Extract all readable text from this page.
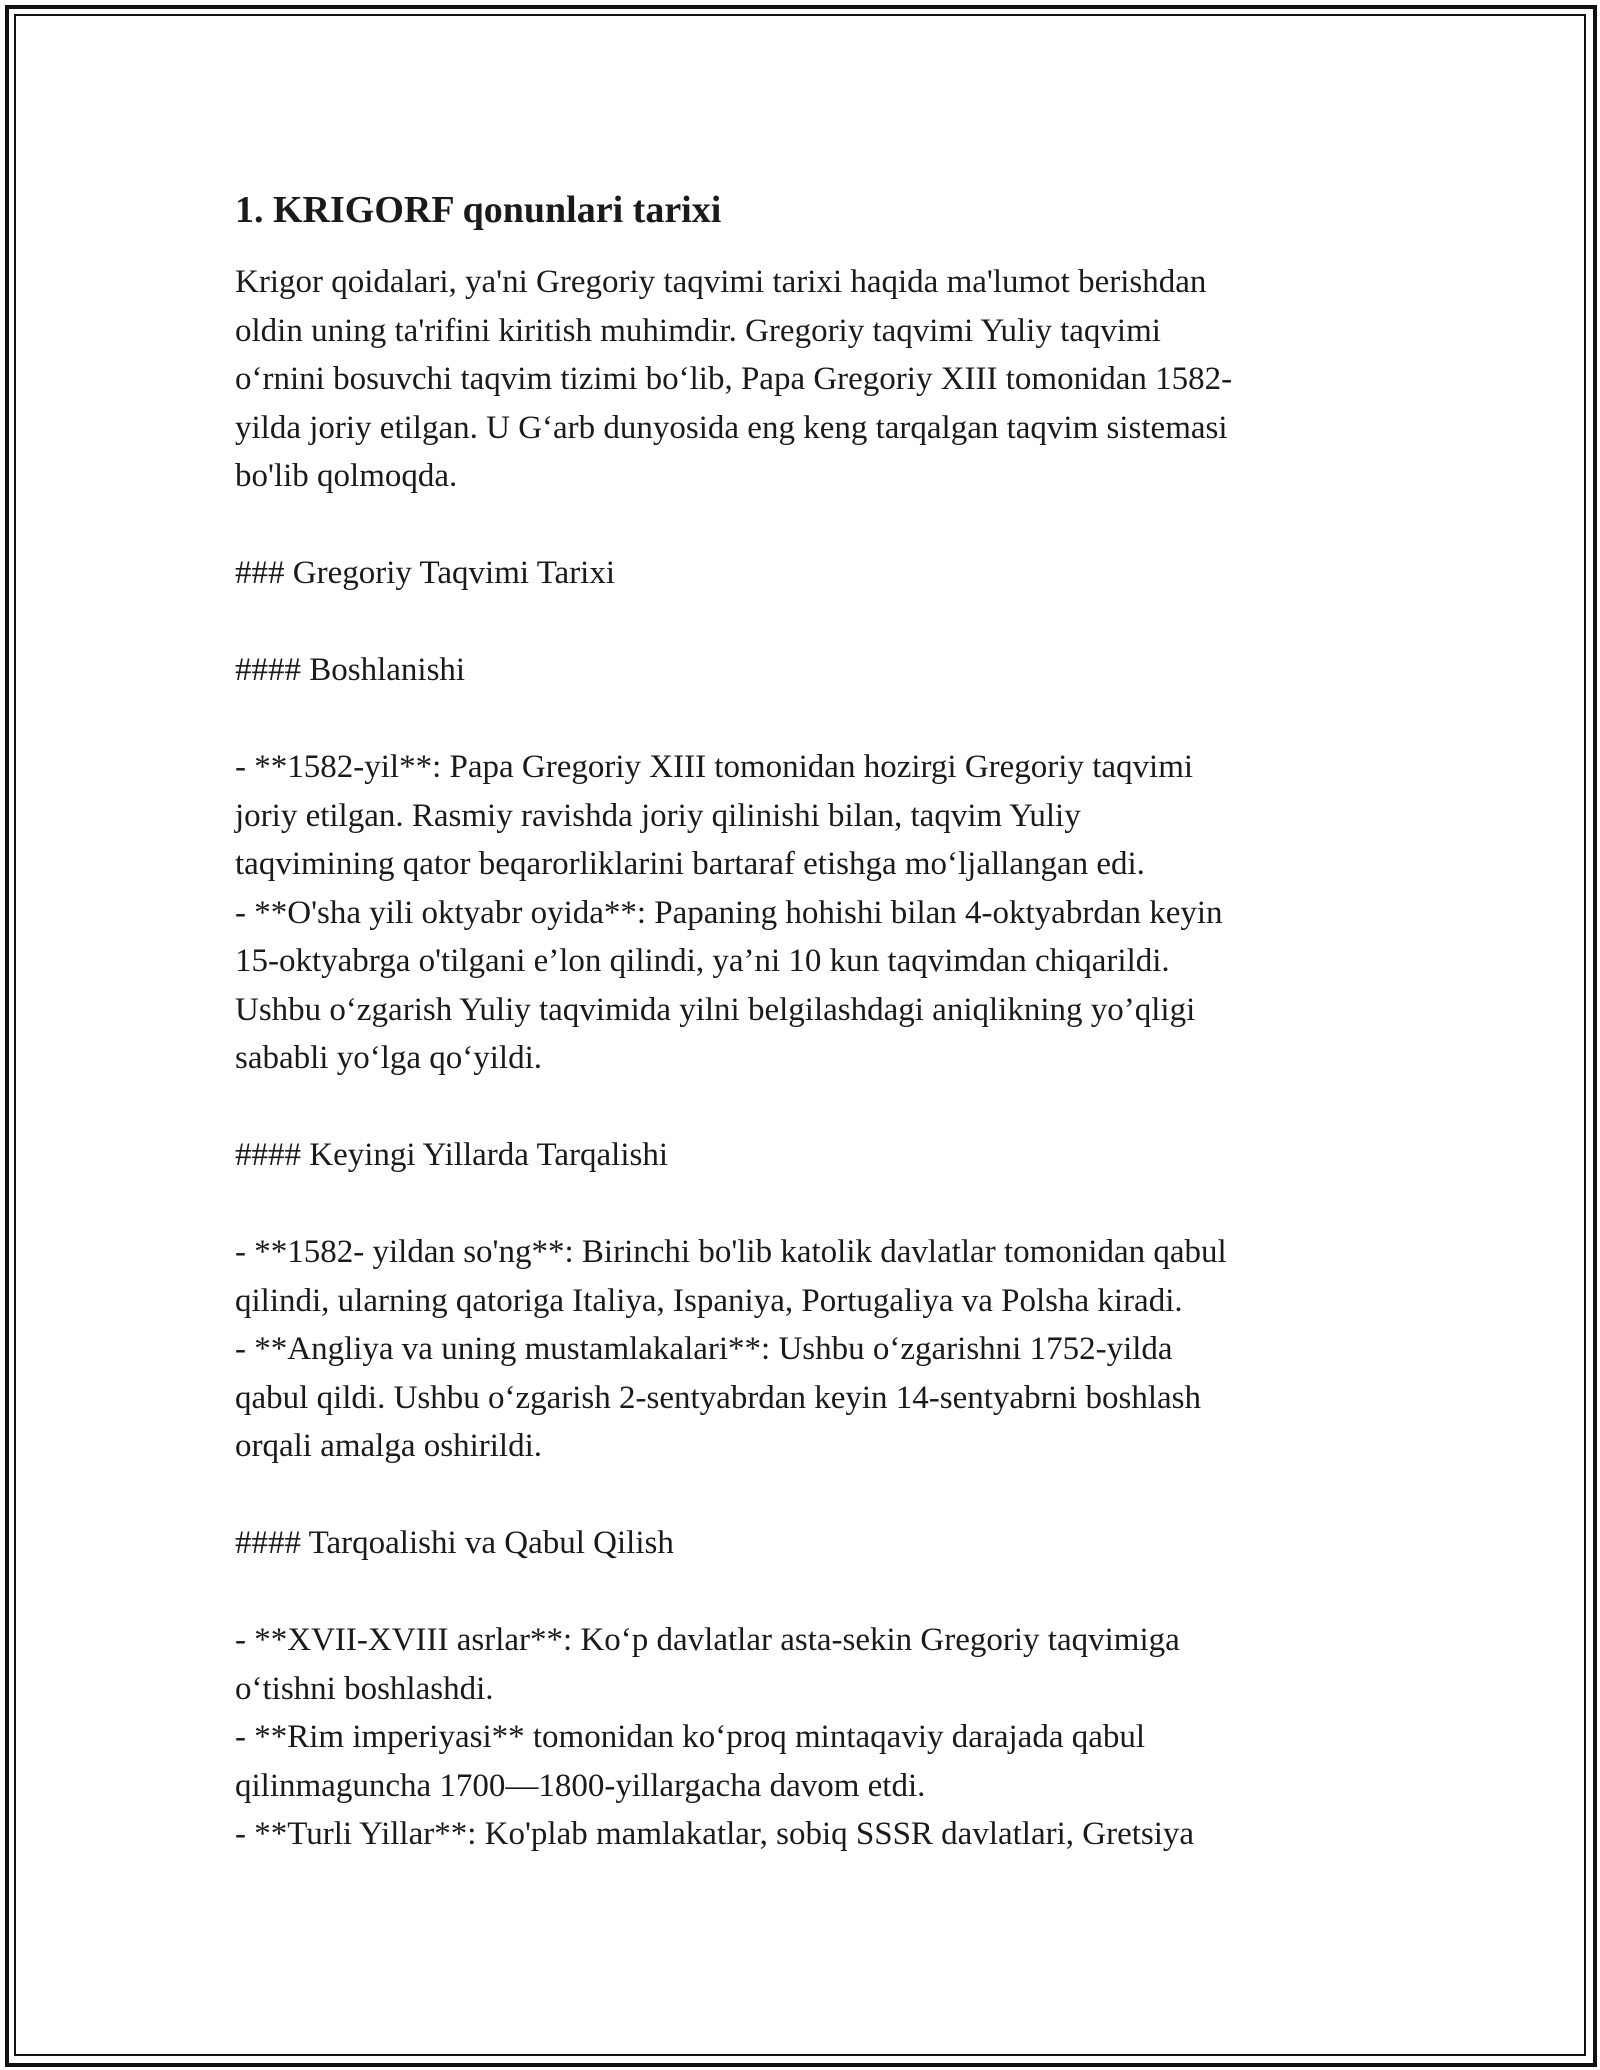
1. KRIGORF qonunlari tarixi

Krigor qoidalari, ya'ni Gregoriy taqvimi tarixi haqida ma'lumot berishdan
oldin uning ta'rifini kiritish muhimdir. Gregoriy taqvimi Yuliy taqvimi
o‘rnini bosuvchi taqvim tizimi bo‘lib, Papa Gregoriy XIII tomonidan 1582-
yilda joriy etilgan. U G‘arb dunyosida eng keng tarqalgan taqvim sistemasi
bo'lib qolmoqda.

### Gregoriy Taqvimi Tarixi

#### Boshlanishi

- **1582-yil**: Papa Gregoriy XIII tomonidan hozirgi Gregoriy taqvimi
joriy etilgan. Rasmiy ravishda joriy qilinishi bilan, taqvim Yuliy
taqvimining qator beqarorliklarini bartaraf etishga mo‘ljallangan edi.
- **O'sha yili oktyabr oyida**: Papaning hohishi bilan 4-oktyabrdan keyin
15-oktyabrga o'tilgani e’lon qilindi, ya’ni 10 kun taqvimdan chiqarildi.
Ushbu o‘zgarish Yuliy taqvimida yilni belgilashdagi aniqlikning yo’qligi
sababli yo‘lga qo‘yildi.

#### Keyingi Yillarda Tarqalishi

- **1582- yildan so'ng**: Birinchi bo'lib katolik davlatlar tomonidan qabul
qilindi, ularning qatoriga Italiya, Ispaniya, Portugaliya va Polsha kiradi.
- **Angliya va uning mustamlakalari**: Ushbu o‘zgarishni 1752-yilda
qabul qildi. Ushbu o‘zgarish 2-sentyabrdan keyin 14-sentyabrni boshlash
orqali amalga oshirildi.

#### Tarqoalishi va Qabul Qilish

- **XVII-XVIII asrlar**: Ko‘p davlatlar asta-sekin Gregoriy taqvimiga
o‘tishni boshlashdi.
- **Rim imperiyasi** tomonidan ko‘proq mintaqaviy darajada qabul
qilinmaguncha 1700—1800-yillargacha davom etdi.
- **Turli Yillar**: Ko'plab mamlakatlar, sobiq SSSR davlatlari, Gretsiya
